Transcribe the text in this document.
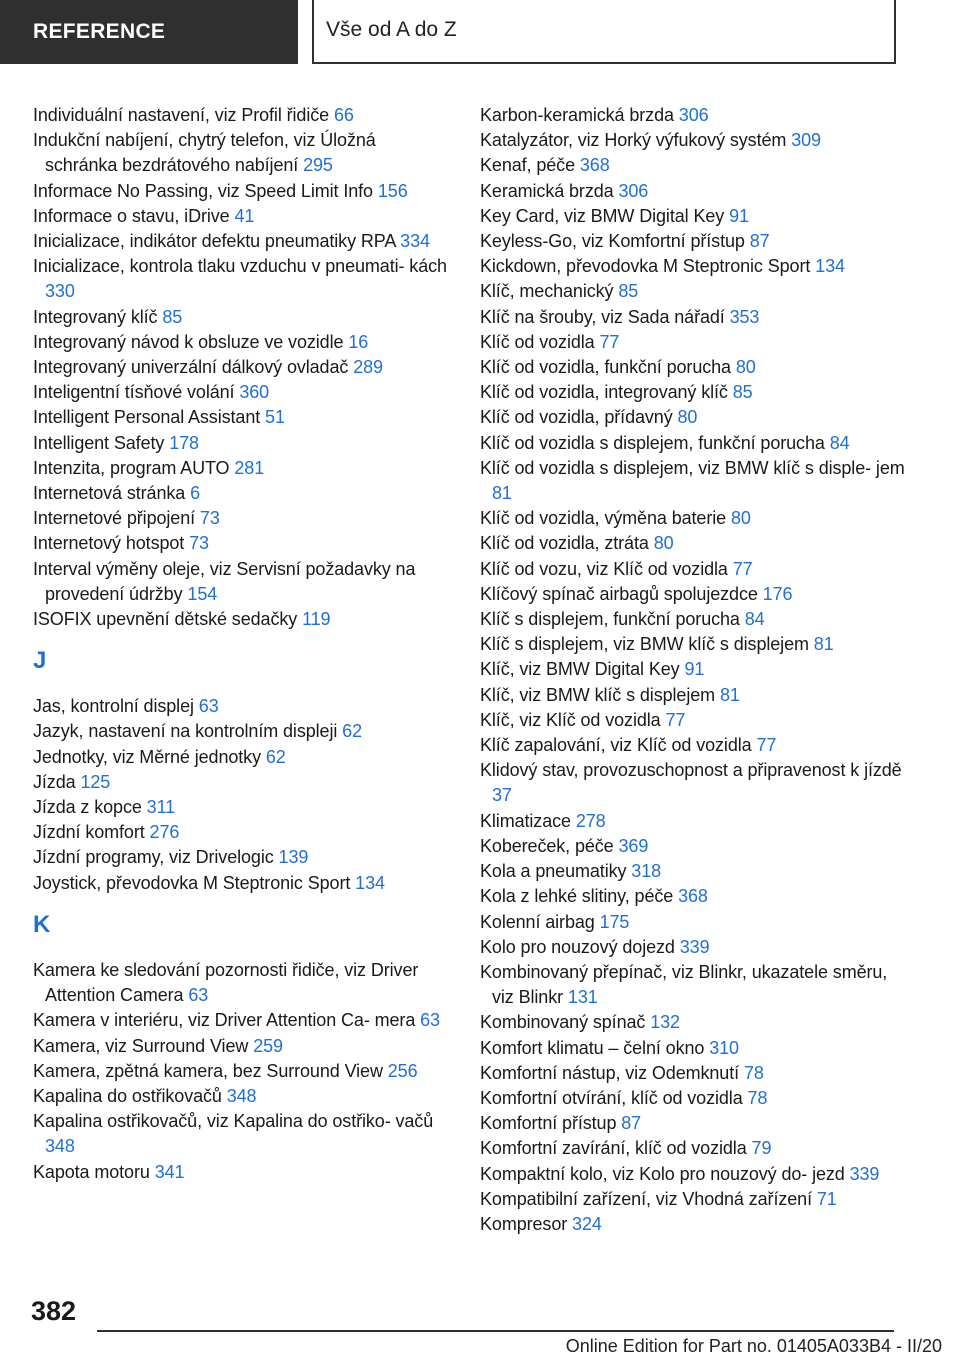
REFERENCE	Vše od A do Z
Individuální nastavení, viz Profil řidiče 66
Indukční nabíjení, chytrý telefon, viz Úložná schránka bezdrátového nabíjení 295
Informace No Passing, viz Speed Limit Info 156
Informace o stavu, iDrive 41
Inicializace, indikátor defektu pneumatiky RPA 334
Inicializace, kontrola tlaku vzduchu v pneumati‐ kách 330
Integrovaný klíč 85
Integrovaný návod k obsluze ve vozidle 16
Integrovaný univerzální dálkový ovladač 289
Inteligentní tísňové volání 360
Intelligent Personal Assistant 51
Intelligent Safety 178
Intenzita, program AUTO 281
Internetová stránka 6
Internetové připojení 73
Internetový hotspot 73
Interval výměny oleje, viz Servisní požadavky na provedení údržby 154
ISOFIX upevnění dětské sedačky 119
J
Jas, kontrolní displej 63
Jazyk, nastavení na kontrolním displeji 62
Jednotky, viz Měrné jednotky 62
Jízda 125
Jízda z kopce 311
Jízdní komfort 276
Jízdní programy, viz Drivelogic 139
Joystick, převodovka M Steptronic Sport 134
K
Kamera ke sledování pozornosti řidiče, viz Driver Attention Camera 63
Kamera v interiéru, viz Driver Attention Ca‐ mera 63
Kamera, viz Surround View 259
Kamera, zpětná kamera, bez Surround View 256
Kapalina do ostřikovačů 348
Kapalina ostřikovačů, viz Kapalina do ostřiko‐ vačů 348
Kapota motoru 341
Karbon-keramická brzda 306
Katalyzátor, viz Horký výfukový systém 309
Kenaf, péče 368
Keramická brzda 306
Key Card, viz BMW Digital Key 91
Keyless-Go, viz Komfortní přístup 87
Kickdown, převodovka M Steptronic Sport 134
Klíč, mechanický 85
Klíč na šrouby, viz Sada nářadí 353
Klíč od vozidla 77
Klíč od vozidla, funkční porucha 80
Klíč od vozidla, integrovaný klíč 85
Klíč od vozidla, přídavný 80
Klíč od vozidla s displejem, funkční porucha 84
Klíč od vozidla s displejem, viz BMW klíč s disple‐ jem 81
Klíč od vozidla, výměna baterie 80
Klíč od vozidla, ztráta 80
Klíč od vozu, viz Klíč od vozidla 77
Klíčový spínač airbagů spolujezdce 176
Klíč s displejem, funkční porucha 84
Klíč s displejem, viz BMW klíč s displejem 81
Klíč, viz BMW Digital Key 91
Klíč, viz BMW klíč s displejem 81
Klíč, viz Klíč od vozidla 77
Klíč zapalování, viz Klíč od vozidla 77
Klidový stav, provozuschopnost a připravenost k jízdě 37
Klimatizace 278
Kobereček, péče 369
Kola a pneumatiky 318
Kola z lehké slitiny, péče 368
Kolenní airbag 175
Kolo pro nouzový dojezd 339
Kombinovaný přepínač, viz Blinkr, ukazatele směru, viz Blinkr 131
Kombinovaný spínač 132
Komfort klimatu – čelní okno 310
Komfortní nástup, viz Odemknutí 78
Komfortní otvírání, klíč od vozidla 78
Komfortní přístup 87
Komfortní zavírání, klíč od vozidla 79
Kompaktní kolo, viz Kolo pro nouzový do‐ jezd 339
Kompatibilní zařízení, viz Vhodná zařízení 71
Kompresor 324
382
Online Edition for Part no. 01405A033B4 - II/20
